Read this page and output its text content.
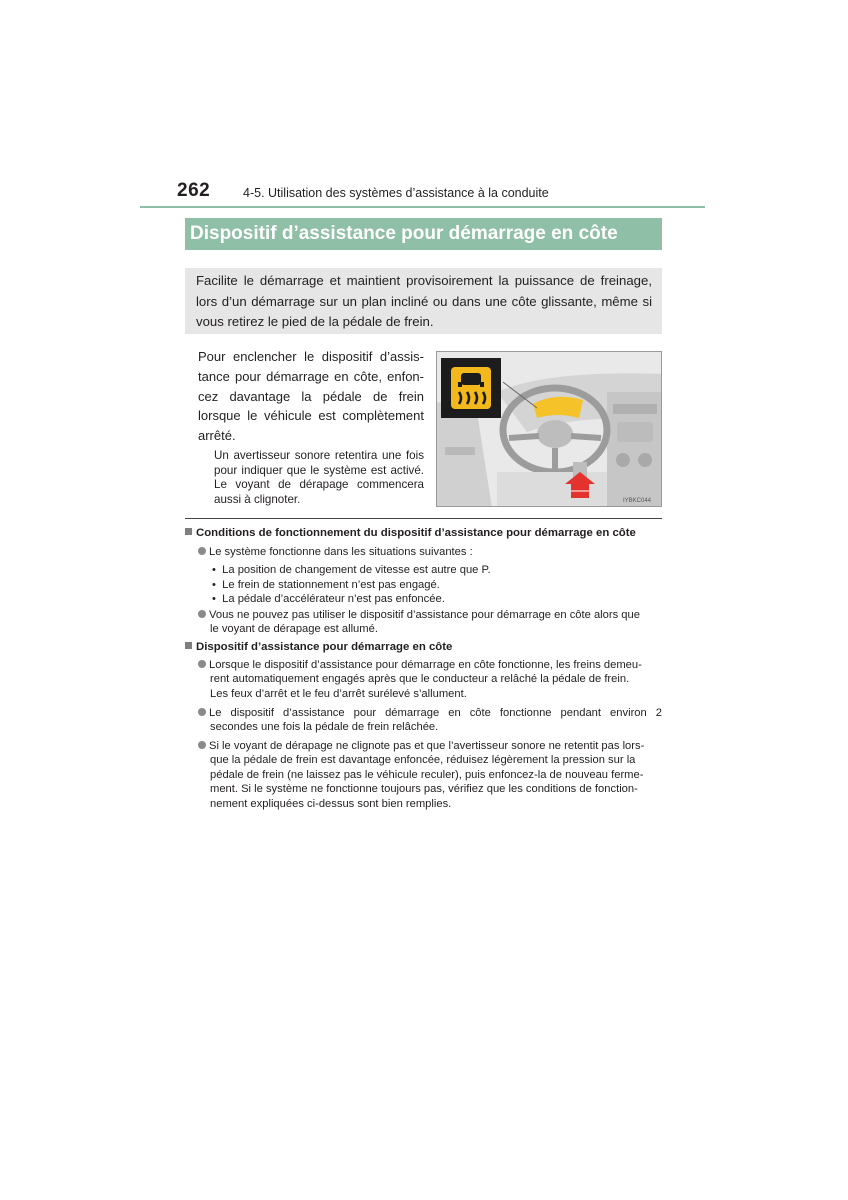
262	4-5. Utilisation des systèmes d’assistance à la conduite
Dispositif d’assistance pour démarrage en côte
Facilite le démarrage et maintient provisoirement la puissance de freinage,
lors d’un démarrage sur un plan incliné ou dans une côte glissante, même si
vous retirez le pied de la pédale de frein.
Pour enclencher le dispositif d’assis-
tance pour démarrage en côte, enfon-
cez davantage la pédale de frein
lorsque le véhicule est complètement
arrêté.
Un avertisseur sonore retentira une fois
pour indiquer que le système est activé.
Le voyant de dérapage commencera
aussi à clignoter.	IYBKC044
Conditions de fonctionnement du dispositif d’assistance pour démarrage en côte
Le système fonctionne dans les situations suivantes :
•  La position de changement de vitesse est autre que P.
•  Le frein de stationnement n’est pas engagé.
•  La pédale d’accélérateur n’est pas enfoncée.
Vous ne pouvez pas utiliser le dispositif d’assistance pour démarrage en côte alors que
le voyant de dérapage est allumé.
Dispositif d’assistance pour démarrage en côte
Lorsque le dispositif d’assistance pour démarrage en côte fonctionne, les freins demeu-
rent automatiquement engagés après que le conducteur a relâché la pédale de frein.
Les feux d’arrêt et le feu d’arrêt surélevé s’allument.
Le dispositif d’assistance pour démarrage en côte fonctionne pendant environ 2
secondes une fois la pédale de frein relâchée.
Si le voyant de dérapage ne clignote pas et que l’avertisseur sonore ne retentit pas lors-
que la pédale de frein est davantage enfoncée, réduisez légèrement la pression sur la
pédale de frein (ne laissez pas le véhicule reculer), puis enfoncez-la de nouveau ferme-
ment. Si le système ne fonctionne toujours pas, vérifiez que les conditions de fonction-
nement expliquées ci-dessus sont bien remplies.
